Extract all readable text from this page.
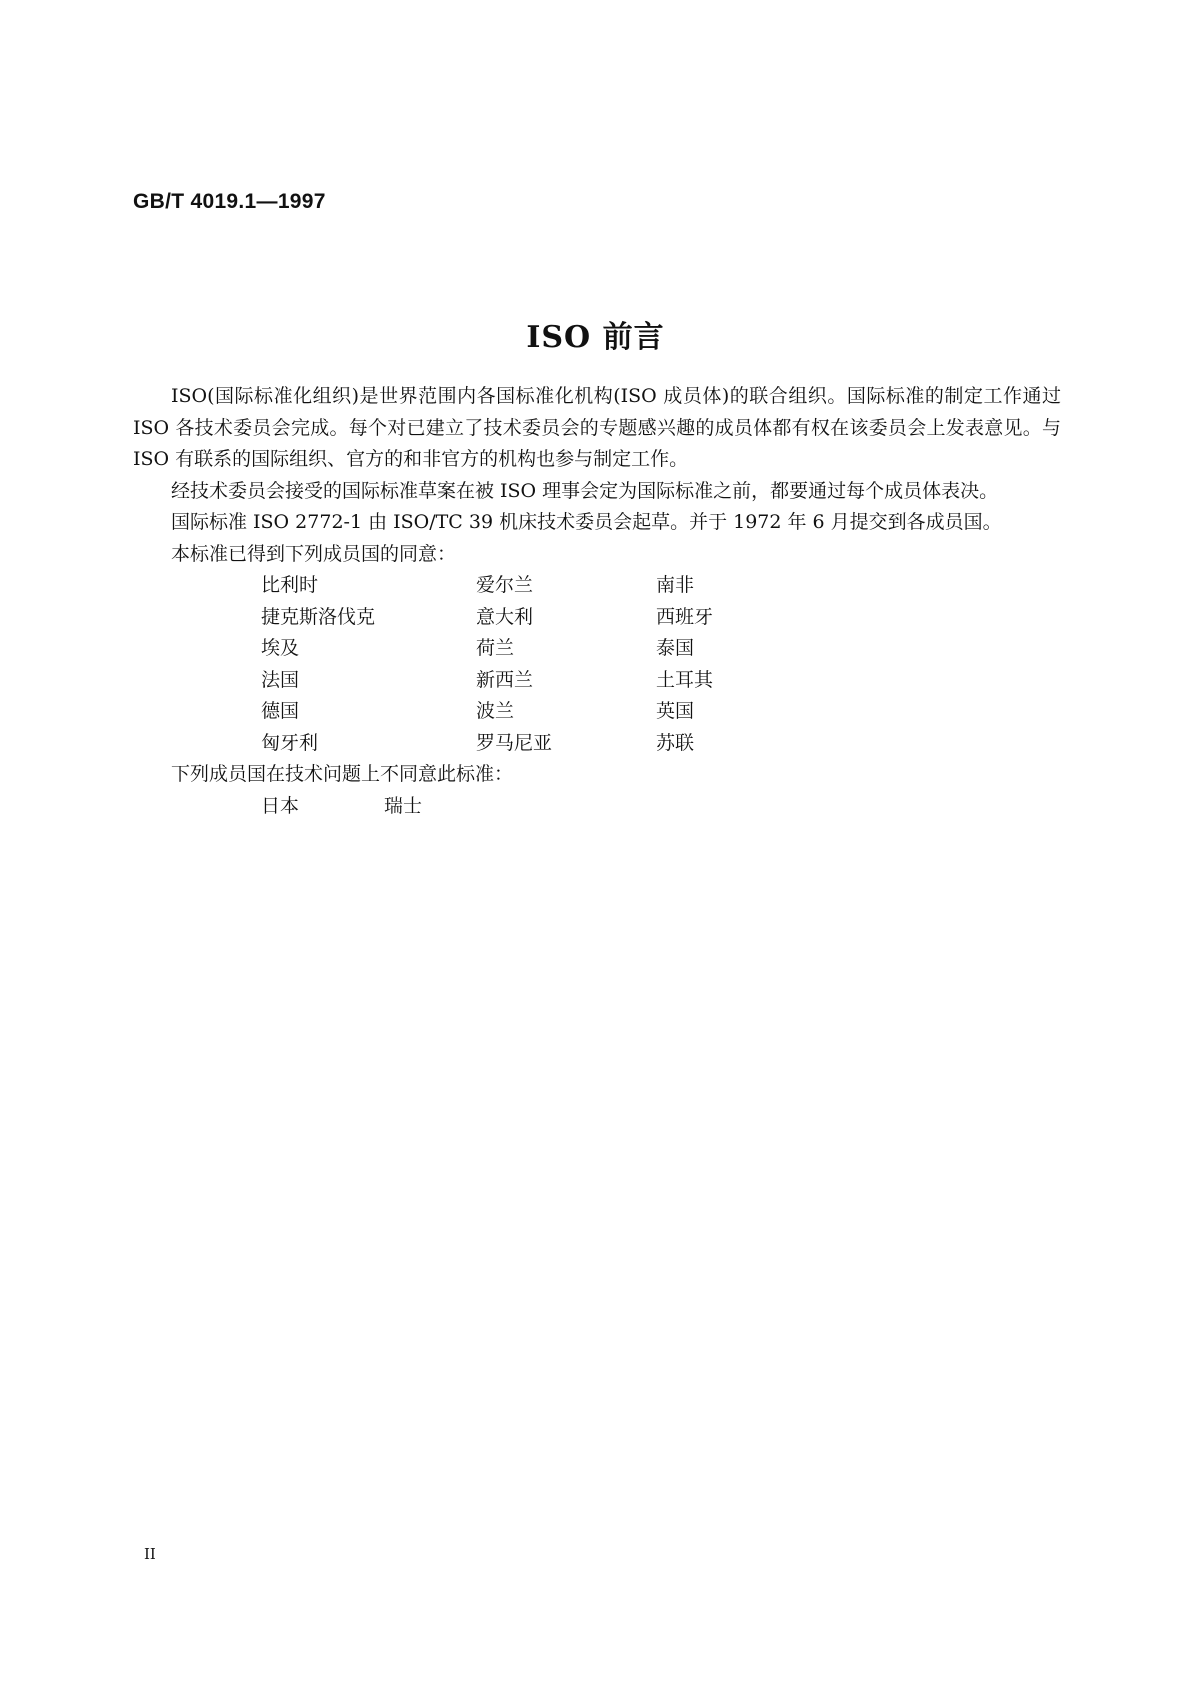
GB/T 4019.1—1997
ISO 前言

ISO(国际标准化组织)是世界范围内各国标准化机构(ISO 成员体)的联合组织。国际标准的制定工作通过 ISO 各技术委员会完成。每个对已建立了技术委员会的专题感兴趣的成员体都有权在该委员会上发表意见。与 ISO 有联系的国际组织、官方的和非官方的机构也参与制定工作。

经技术委员会接受的国际标准草案在被 ISO 理事会定为国际标准之前，都要通过每个成员体表决。

国际标准 ISO 2772-1 由 ISO/TC 39 机床技术委员会起草。并于 1972 年 6 月提交到各成员国。

本标准已得到下列成员国的同意：

比利时	爱尔兰	南非
捷克斯洛伐克	意大利	西班牙
埃及	荷兰	泰国
法国	新西兰	土耳其
德国	波兰	英国
匈牙利	罗马尼亚	苏联

下列成员国在技术问题上不同意此标准：

日本	瑞士
II
